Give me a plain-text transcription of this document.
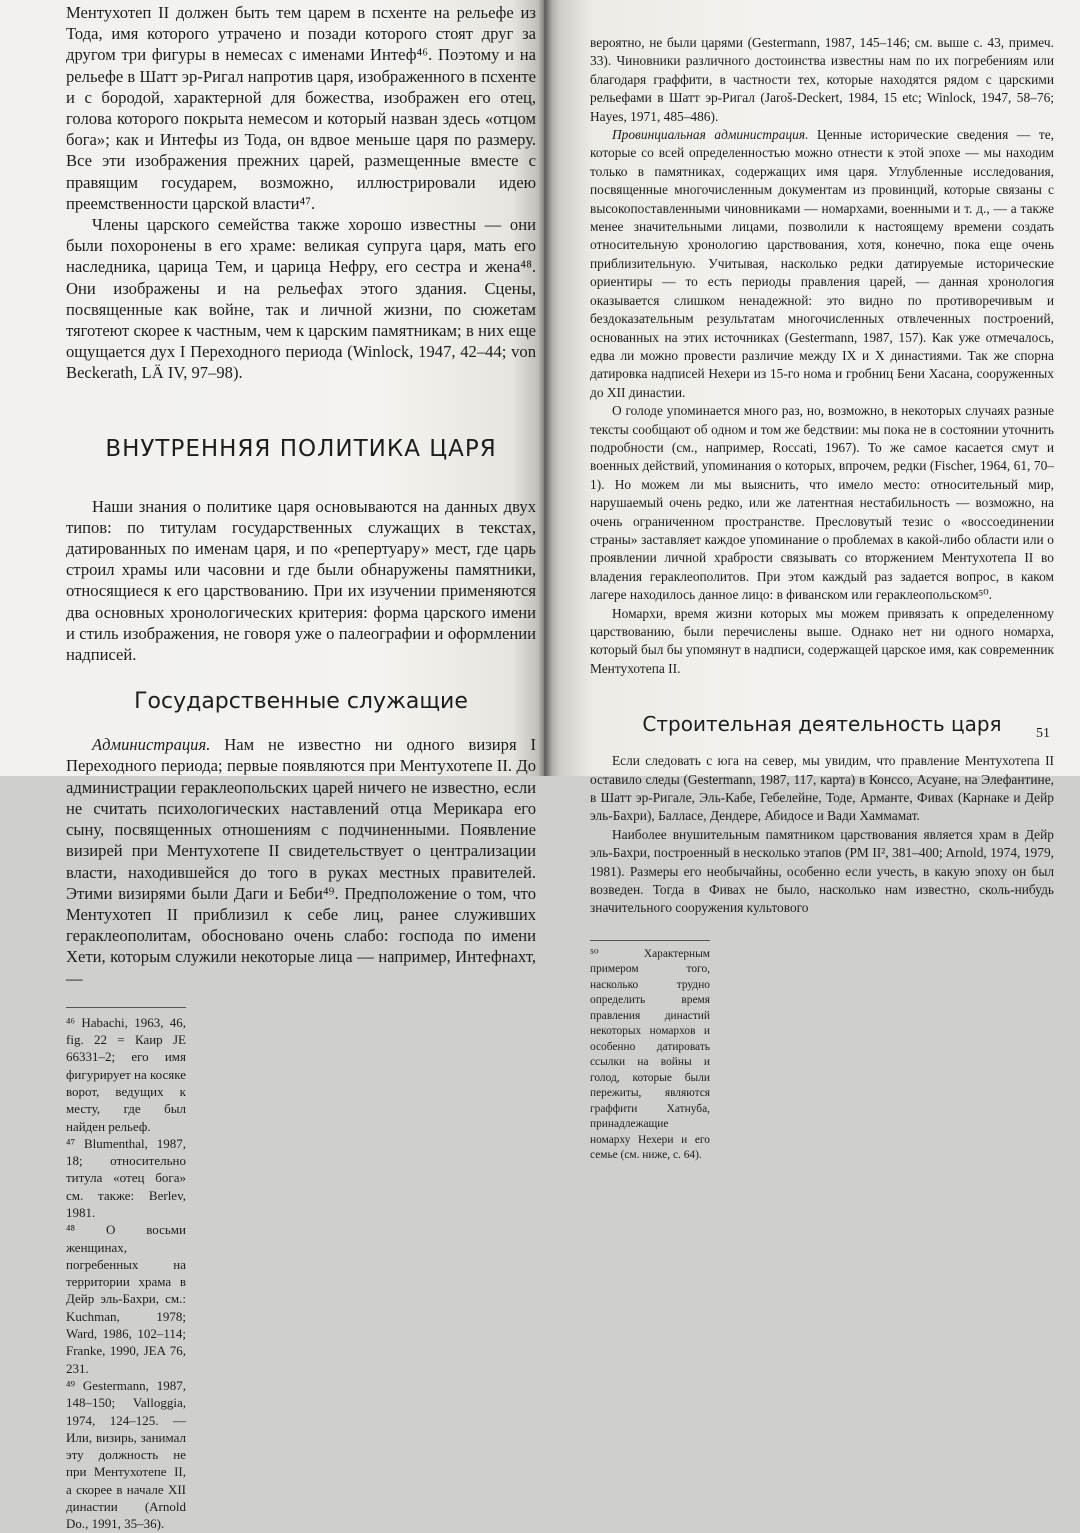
Ментухотеп II должен быть тем царем в псхенте на рельефе из Тода, имя которого утрачено и позади которого стоят друг за другом три фигуры в немесах с именами Интеф⁴⁶. Поэтому и на рельефе в Шатт эр-Ригал напротив царя, изображенного в псхенте и с бородой, характерной для божества, изображен его отец, голова которого покрыта немесом и который назван здесь «отцом бога»; как и Интефы из Тода, он вдвое меньше царя по размеру. Все эти изображения прежних царей, размещенные вместе с правящим государем, возможно, иллюстрировали идею преемственности царской власти⁴⁷.

Члены царского семейства также хорошо известны — они были похоронены в его храме: великая супруга царя, мать его наследника, царица Тем, и царица Нефру, его сестра и жена⁴⁸. Они изображены и на рельефах этого здания. Сцены, посвященные как войне, так и личной жизни, по сюжетам тяготеют скорее к частным, чем к царским памятникам; в них еще ощущается дух I Переходного периода (Winlock, 1947, 42–44; von Beckerath, LÄ IV, 97–98).

ВНУТРЕННЯЯ ПОЛИТИКА ЦАРЯ

Наши знания о политике царя основываются на данных двух типов: по титулам государственных служащих в текстах, датированных по именам царя, и по «репертуару» мест, где царь строил храмы или часовни и где были обнаружены памятники, относящиеся к его царствованию. При их изучении применяются два основных хронологических критерия: форма царского имени и стиль изображения, не говоря уже о палеографии и оформлении надписей.

Государственные служащие

Администрация. Нам не известно ни одного визиря I Переходного периода; первые появляются при Ментухотепе II. До администрации гераклеопольских царей ничего не известно, если не считать психологических наставлений отца Мерикара его сыну, посвященных отношениям с подчиненными. Появление визирей при Ментухотепе II свидетельствует о централизации власти, находившейся до того в руках местных правителей. Этими визирями были Даги и Беби⁴⁹. Предположение о том, что Ментухотеп II приблизил к себе лиц, ранее служивших гераклеополитам, обосновано очень слабо: господа по имени Хети, которым служили некоторые лица — например, Интефнахт, —

⁴⁶ Habachi, 1963, 46, fig. 22 = Каир JE 66331–2; его имя фигурирует на косяке ворот, ведущих к месту, где был найден рельеф.
⁴⁷ Blumenthal, 1987, 18; относительно титула «отец бога» см. также: Berlev, 1981.
⁴⁸ О восьми женщинах, погребенных на территории храма в Дейр эль-Бахри, см.: Kuchman, 1978; Ward, 1986, 102–114; Franke, 1990, JEA 76, 231.
⁴⁹ Gestermann, 1987, 148–150; Valloggia, 1974, 124–125. — Или, визирь, занимал эту должность не при Ментухотепе II, а скорее в начале XII династии (Arnold Do., 1991, 35–36).

вероятно, не были царями (Gestermann, 1987, 145–146; см. выше с. 43, примеч. 33). Чиновники различного достоинства известны нам по их погребениям или благодаря граффити, в частности тех, которые находятся рядом с царскими рельефами в Шатт эр-Ригал (Jaroš-Deckert, 1984, 15 etc; Winlock, 1947, 58–76; Hayes, 1971, 485–486).

Провинциальная администрация. Ценные исторические сведения — те, которые со всей определенностью можно отнести к этой эпохе — мы находим только в памятниках, содержащих имя царя. Углубленные исследования, посвященные многочисленным документам из провинций, которые связаны с высокопоставленными чиновниками — номархами, военными и т. д., — а также менее значительными лицами, позволили к настоящему времени создать относительную хронологию царствования, хотя, конечно, пока еще очень приблизительную. Учитывая, насколько редки датируемые исторические ориентиры — то есть периоды правления царей, — данная хронология оказывается слишком ненадежной: это видно по противоречивым и бездоказательным результатам многочисленных отвлеченных построений, основанных на этих источниках (Gestermann, 1987, 157). Как уже отмечалось, едва ли можно провести различие между IX и X династиями. Так же спорна датировка надписей Нехери из 15-го нома и гробниц Бени Хасана, сооруженных до XII династии.

О голоде упоминается много раз, но, возможно, в некоторых случаях разные тексты сообщают об одном и том же бедствии: мы пока не в состоянии уточнить подробности (см., например, Roccati, 1967). То же самое касается смут и военных действий, упоминания о которых, впрочем, редки (Fischer, 1964, 61, 70–1). Но можем ли мы выяснить, что имело место: относительный мир, нарушаемый очень редко, или же латентная нестабильность — возможно, на очень ограниченном пространстве. Пресловутый тезис о «воссоединении страны» заставляет каждое упоминание о проблемах в какой-либо области или о проявлении личной храбрости связывать со вторжением Ментухотепа II во владения гераклеополитов. При этом каждый раз задается вопрос, в каком лагере находилось данное лицо: в фиванском или гераклеопольском⁵⁰.

Номархи, время жизни которых мы можем привязать к определенному царствованию, были перечислены выше. Однако нет ни одного номарха, который был бы упомянут в надписи, содержащей царское имя, как современник Ментухотепа II.

Строительная деятельность царя

Если следовать с юга на север, мы увидим, что правление Ментухотепа II оставило следы (Gestermann, 1987, 117, карта) в Конссо, Асуане, на Элефантине, в Шатт эр-Ригале, Эль-Кабе, Гебелейне, Тоде, Арманте, Фивах (Карнаке и Дейр эль-Бахри), Балласе, Дендере, Абидосе и Вади Хаммамат.

Наиболее внушительным памятником царствования является храм в Дейр эль-Бахри, построенный в несколько этапов (PM II², 381–400; Arnold, 1974, 1979, 1981). Размеры его необычайны, особенно если учесть, в какую эпоху он был возведен. Тогда в Фивах не было, насколько нам известно, сколь-нибудь значительного сооружения культового

⁵⁰ Характерным примером того, насколько трудно определить время правления династий некоторых номархов и особенно датировать ссылки на войны и голод, которые были пережиты, являются граффити Хатнуба, принадлежащие номарху Нехери и его семье (см. ниже, с. 64).
51
